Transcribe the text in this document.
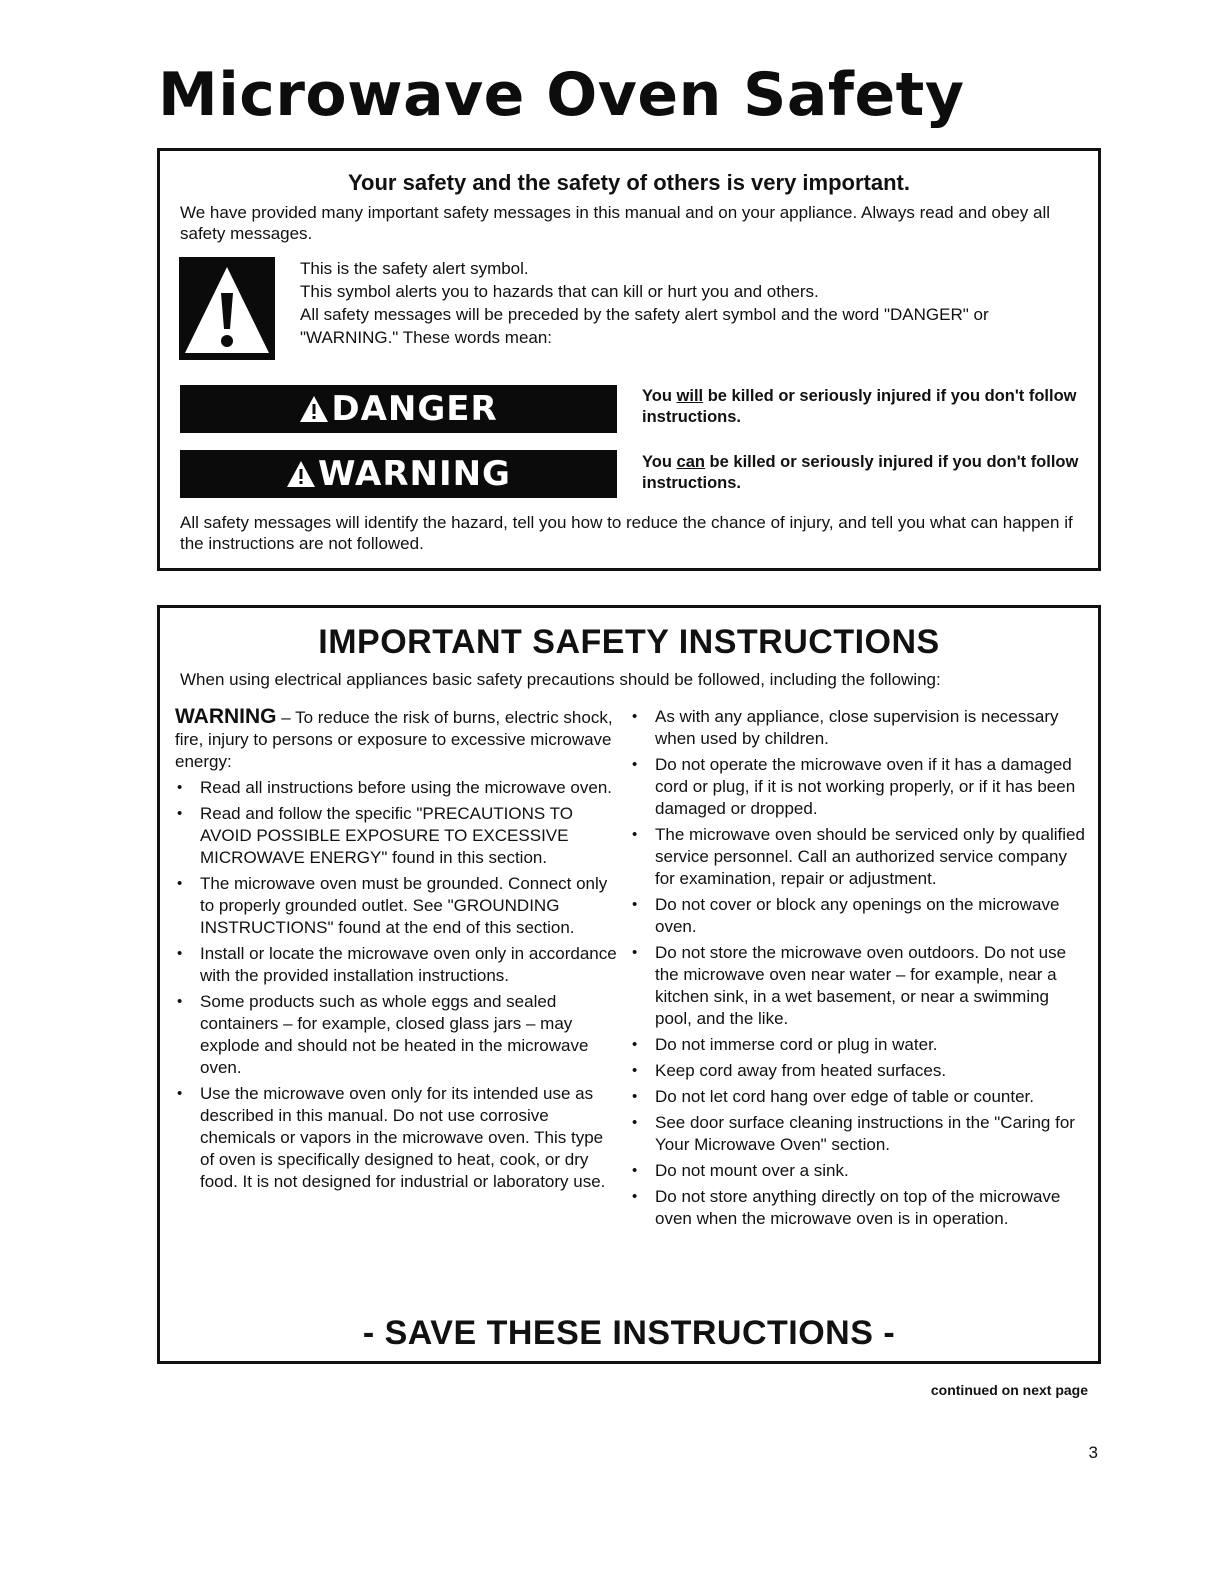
Microwave Oven Safety
Your safety and the safety of others is very important.
We have provided many important safety messages in this manual and on your appliance. Always read and obey all safety messages.
This is the safety alert symbol.
This symbol alerts you to hazards that can kill or hurt you and others.
All safety messages will be preceded by the safety alert symbol and the word "DANGER" or "WARNING." These words mean:
DANGER	You will be killed or seriously injured if you don't follow instructions.
WARNING	You can be killed or seriously injured if you don't follow instructions.
All safety messages will identify the hazard, tell you how to reduce the chance of injury, and tell you what can happen if the instructions are not followed.
IMPORTANT SAFETY INSTRUCTIONS
When using electrical appliances basic safety precautions should be followed, including the following:
WARNING – To reduce the risk of burns, electric shock, fire, injury to persons or exposure to excessive microwave energy:
• Read all instructions before using the microwave oven.
• Read and follow the specific "PRECAUTIONS TO AVOID POSSIBLE EXPOSURE TO EXCESSIVE MICROWAVE ENERGY" found in this section.
• The microwave oven must be grounded. Connect only to properly grounded outlet. See "GROUNDING INSTRUCTIONS" found at the end of this section.
• Install or locate the microwave oven only in accordance with the provided installation instructions.
• Some products such as whole eggs and sealed containers – for example, closed glass jars – may explode and should not be heated in the microwave oven.
• Use the microwave oven only for its intended use as described in this manual. Do not use corrosive chemicals or vapors in the microwave oven. This type of oven is specifically designed to heat, cook, or dry food. It is not designed for industrial or laboratory use.
• As with any appliance, close supervision is necessary when used by children.
• Do not operate the microwave oven if it has a damaged cord or plug, if it is not working properly, or if it has been damaged or dropped.
• The microwave oven should be serviced only by qualified service personnel. Call an authorized service company for examination, repair or adjustment.
• Do not cover or block any openings on the microwave oven.
• Do not store the microwave oven outdoors. Do not use the microwave oven near water – for example, near a kitchen sink, in a wet basement, or near a swimming pool, and the like.
• Do not immerse cord or plug in water.
• Keep cord away from heated surfaces.
• Do not let cord hang over edge of table or counter.
• See door surface cleaning instructions in the "Caring for Your Microwave Oven" section.
• Do not mount over a sink.
• Do not store anything directly on top of the microwave oven when the microwave oven is in operation.
- SAVE THESE INSTRUCTIONS -
continued on next page
3
